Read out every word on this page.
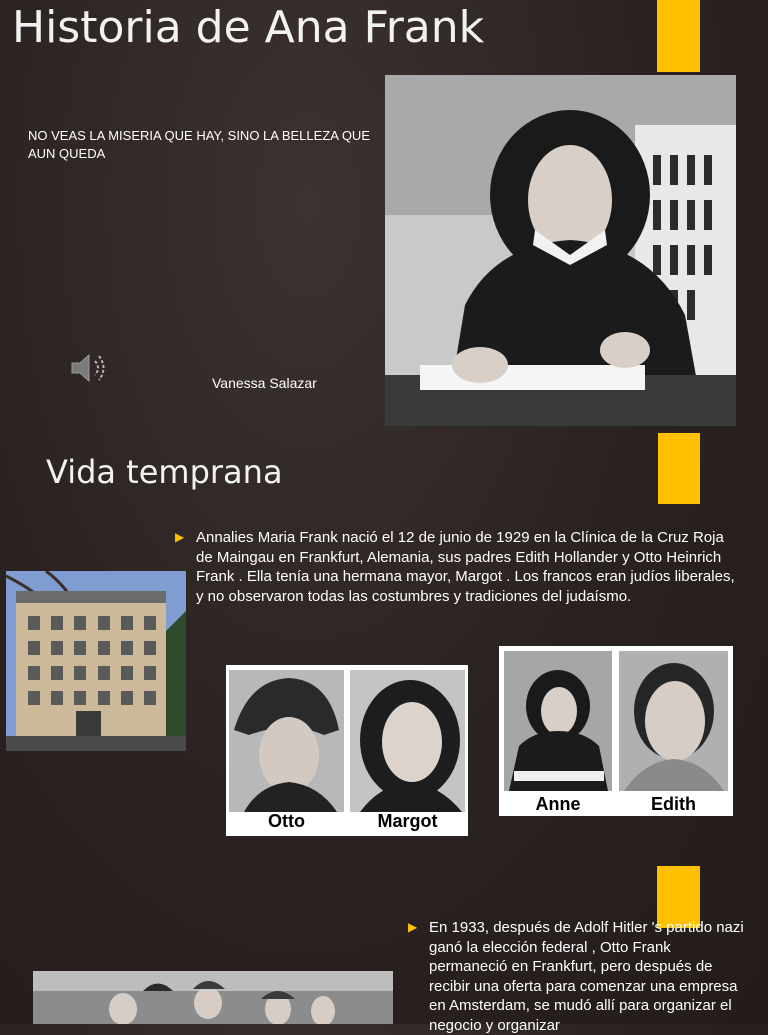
Historia de Ana Frank
NO VEAS LA MISERIA QUE HAY, SINO LA BELLEZA QUE AUN QUEDA
Vanessa Salazar
Vida temprana
▶ Annalies Maria Frank nació el 12 de junio de 1929 en la Clínica de la Cruz Roja de Maingau en Frankfurt, Alemania, sus padres Edith Hollander y Otto Heinrich Frank . Ella tenía una hermana mayor, Margot . Los francos eran judíos liberales, y no observaron todas las costumbres y tradiciones del judaísmo.
Otto	Margot
Anne	Edith
▶ En 1933, después de Adolf Hitler 's partido nazi ganó la elección federal , Otto Frank permaneció en Frankfurt, pero después de recibir una oferta para comenzar una empresa en Amsterdam, se mudó allí para organizar el negocio y organizar
